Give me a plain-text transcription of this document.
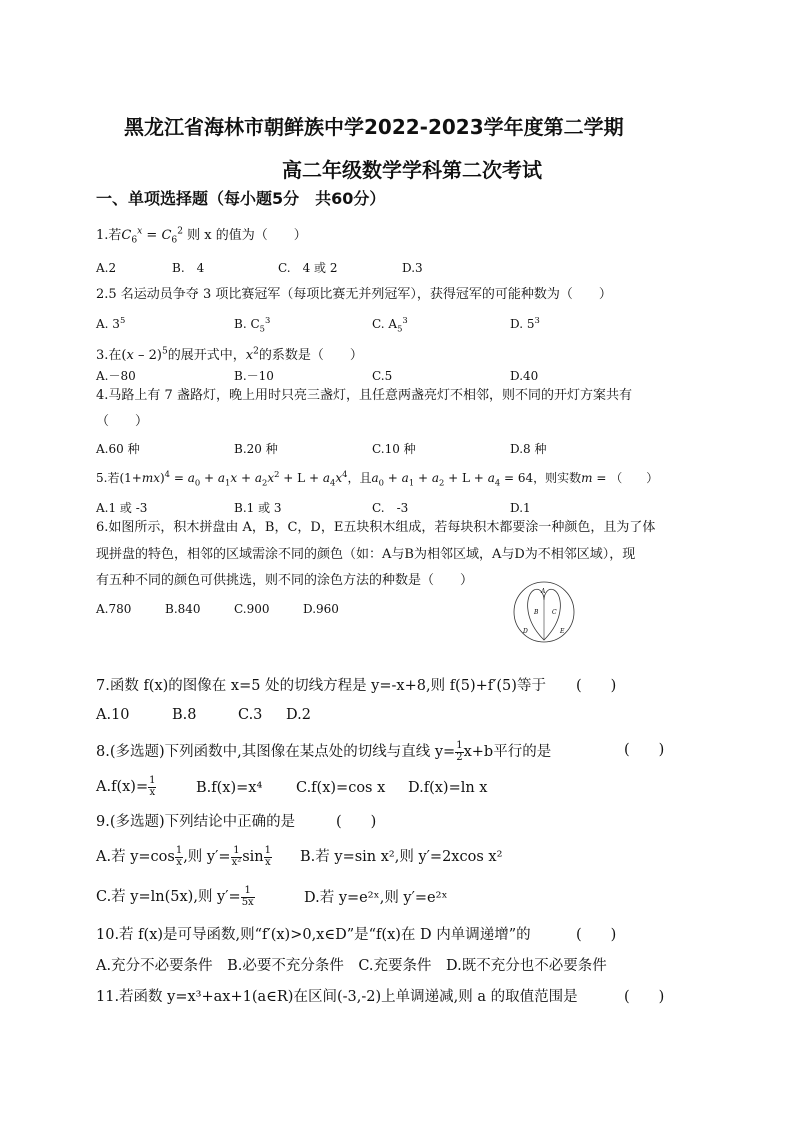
黑龙江省海林市朝鲜族中学2022-2023学年度第二学期
高二年级数学学科第二次考试
一、单项选择题（每小题5分　共60分）
1.若$C_6^x = C_6^2$ 则 x 的值为（　　）
A.2	B.　4	C.　4 或 2	D.3
2.5 名运动员争夺 3 项比赛冠军（每项比赛无并列冠军），获得冠军的可能种数为（　　）
A. $3^5$	B. $C_5^3$	C. $A_5^3$	D. $5^3$
3.在(x – 2)$^5$的展开式中，$x^2$的系数是（　　）
A.－80	B.－10	C.5	D.40
4.马路上有 7 盏路灯，晚上用时只亮三盏灯，且任意两盏亮灯不相邻，则不同的开灯方案共有
（　　）
A.60 种	B.20 种	C.10 种	D.8 种
5.若$(1+mx)^4 = a_0 + a_1x + a_2x^2 + L + a_4x^4$，且$a_0 + a_1 + a_2 + L + a_4 = 64$，则实数m = （　　）
A.1 或 -3	B.1 或 3	C.　-3	D.1
6.如图所示，积木拼盘由 A，B，C，D，E五块积木组成，若每块积木都要涂一种颜色，且为了体
现拼盘的特色，相邻的区域需涂不同的颜色（如：A与B为相邻区域，A与D为不相邻区域），现
有五种不同的颜色可供挑选，则不同的涂色方法的种数是（　　）
A.780	B.840	C.900	D.960
A
B C
D	E
7.函数 f(x)的图像在 x=5 处的切线方程是 y=-x+8,则 f(5)+f′(5)等于 (　　)
A.10	B.8	C.3 D.2
8.(多选题)下列函数中,其图像在某点处的切线与直线 $y= \frac{1}{2} x+b$平行的是	(　　)
$A.f(x)= \frac{1}{x}$	B.f(x)=x⁴ C.f(x)=cos x D.f(x)=ln x
9.(多选题)下列结论中正确的是	(　　)
A.若 $y=\cos \frac{1}{x}$ ,则 $y'= \frac{1}{\text{x²}}$ $\sin \frac{1}{x} B$.若 y=sin x²,则 y′=2xcos x²
C.若 y=ln(5x),则 $y'= \frac{1}{5x}$	D.若 y=e²ˣ,则 y′=e²ˣ
10.若 f(x)是可导函数,则“f′(x)>0,x∈D”是“f(x)在 D 内单调递增”的	(　　)
A.充分不必要条件　B.必要不充分条件　C.充要条件　D.既不充分也不必要条件
11.若函数 y=x³+ax+1(a∈R)在区间(-3,-2)上单调递减,则 a 的取值范围是	(　　)
